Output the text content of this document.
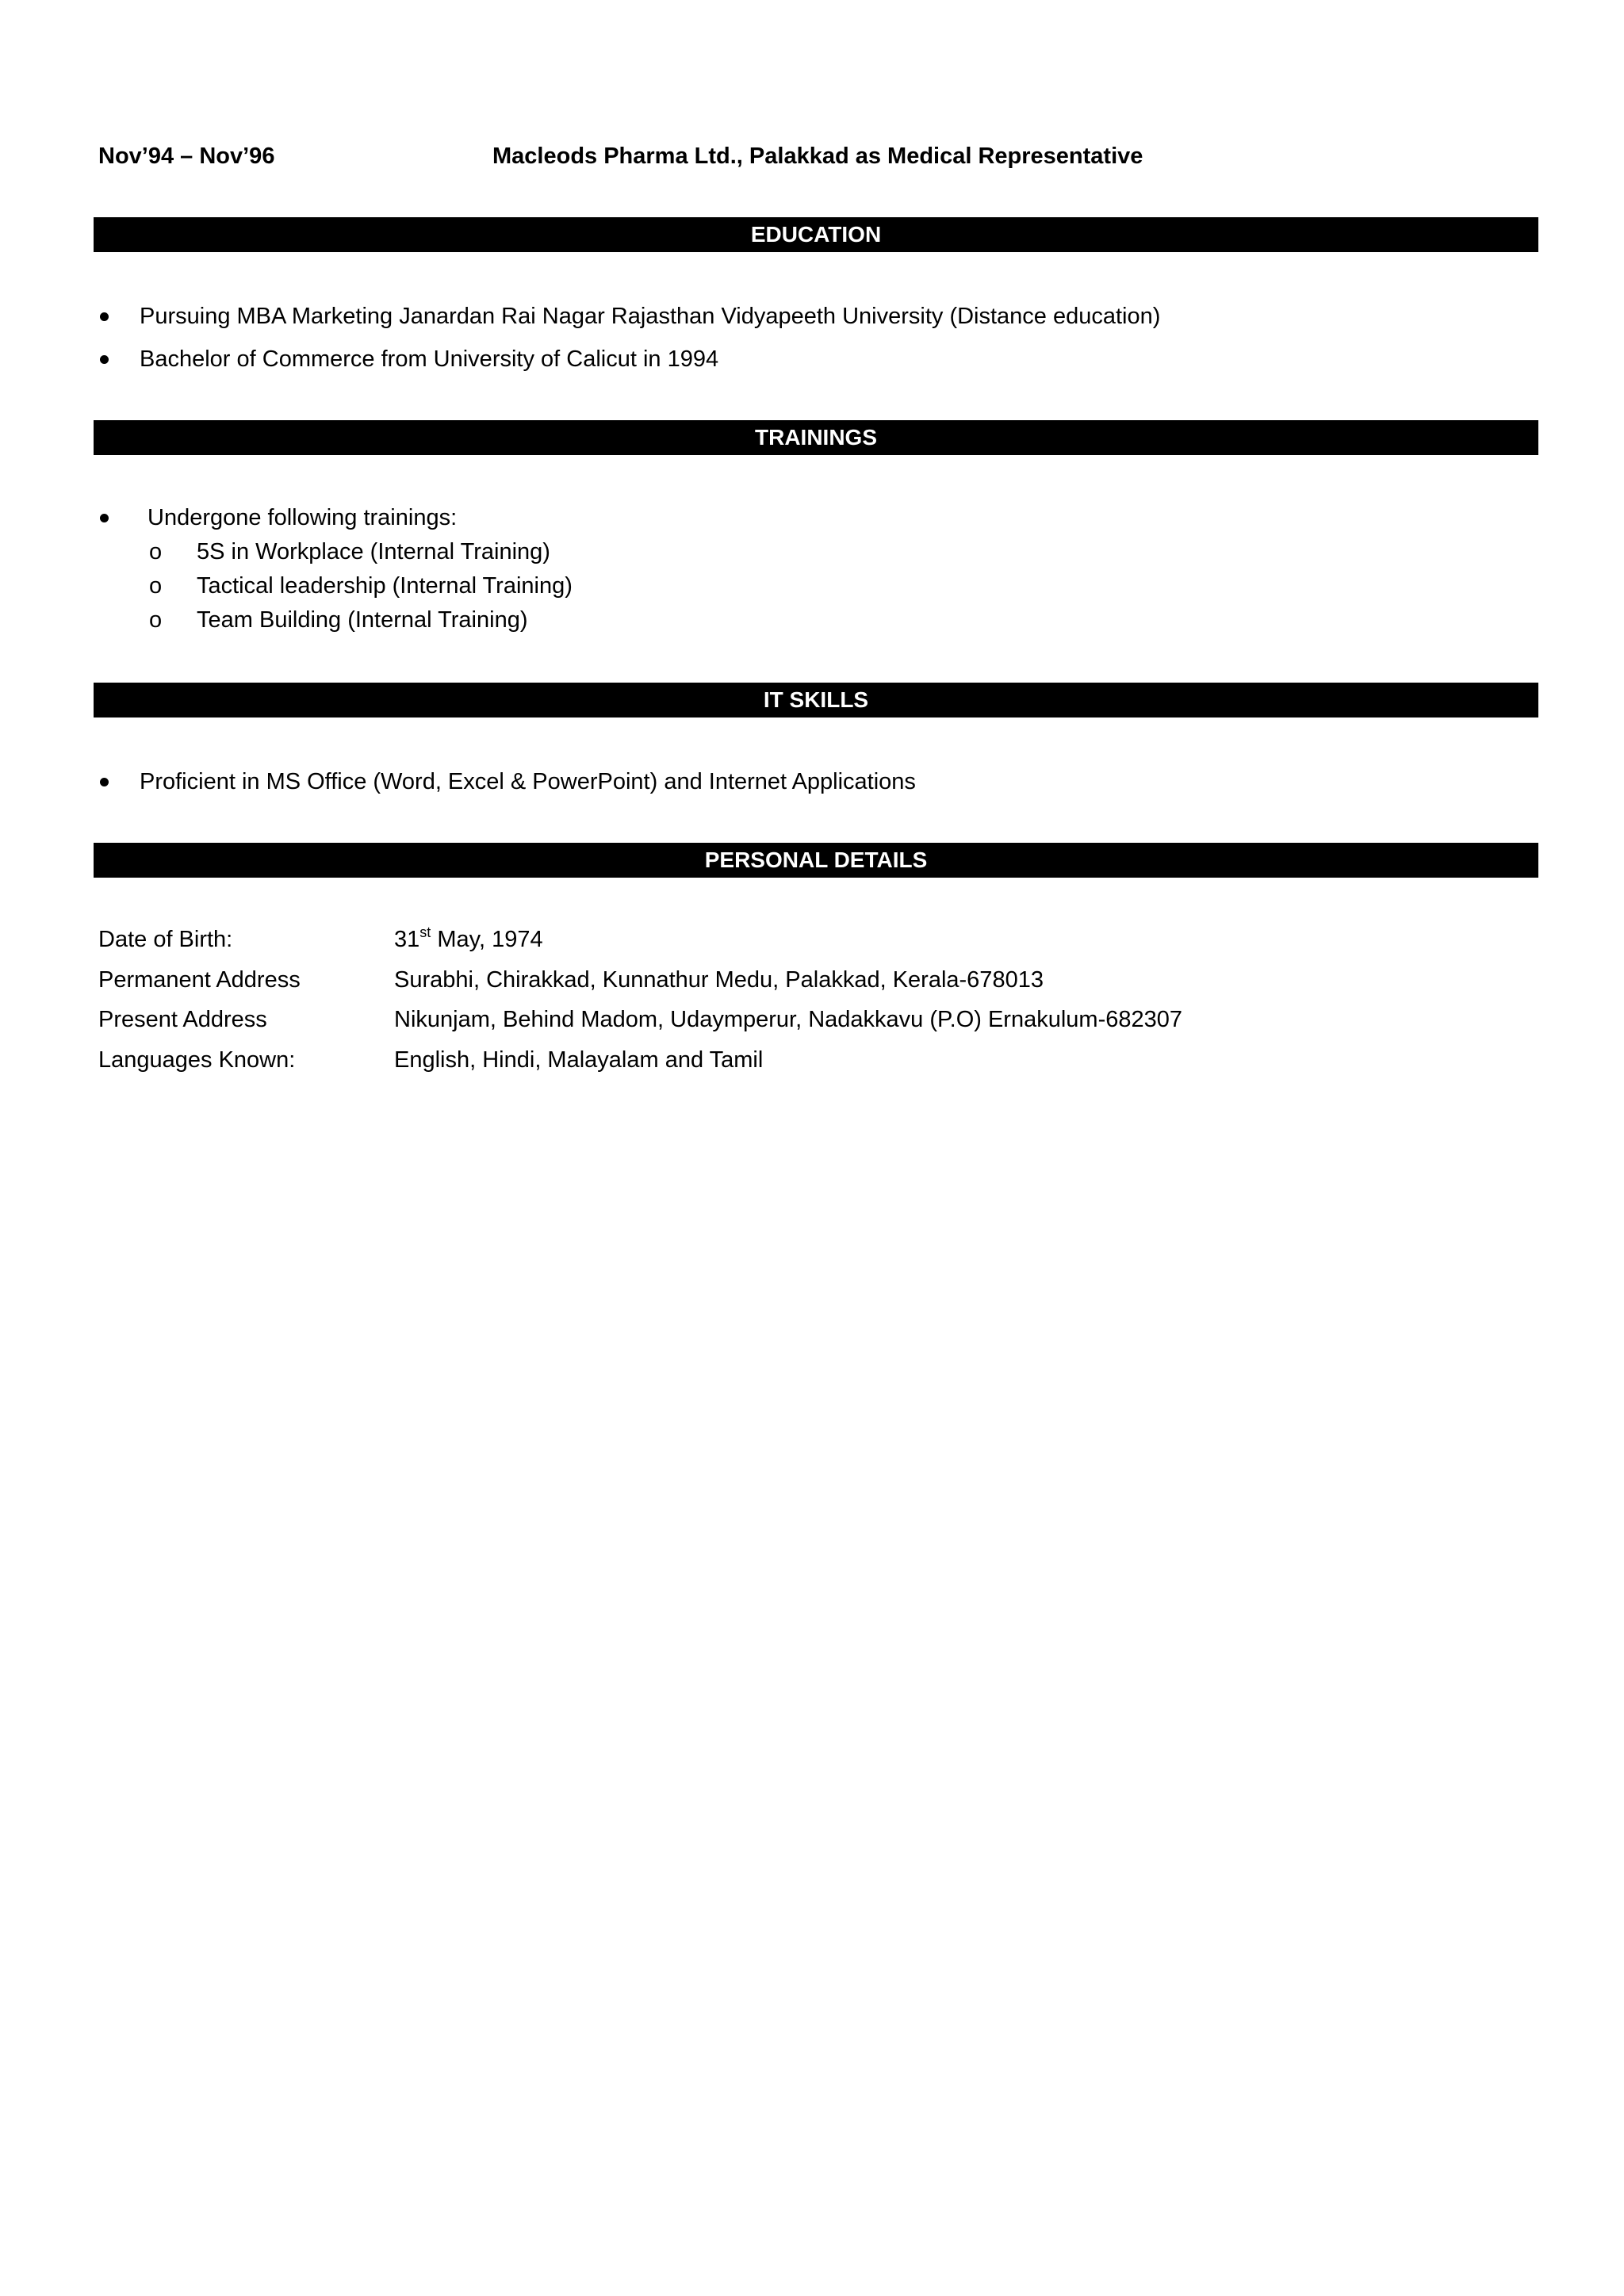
Nov’94 – Nov’96	Macleods Pharma Ltd., Palakkad as Medical Representative
EDUCATION
Pursuing MBA Marketing Janardan Rai Nagar Rajasthan Vidyapeeth University (Distance education)
Bachelor of Commerce from University of Calicut in 1994
TRAININGS
Undergone following trainings:
o 5S in Workplace (Internal Training)
o Tactical leadership (Internal Training)
o Team Building (Internal Training)
IT SKILLS
Proficient in MS Office (Word, Excel & PowerPoint) and Internet Applications
PERSONAL DETAILS
Date of Birth:	31st May, 1974
Permanent Address	Surabhi, Chirakkad, Kunnathur Medu, Palakkad, Kerala-678013
Present Address	Nikunjam, Behind Madom, Udaymperur, Nadakkavu (P.O) Ernakulum-682307
Languages Known:	English, Hindi, Malayalam and Tamil
